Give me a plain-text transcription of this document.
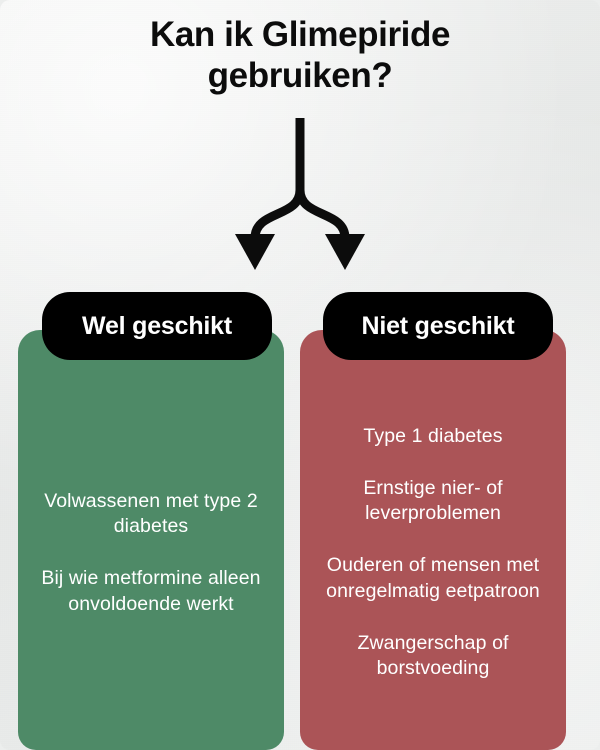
Kan ik Glimepiride
gebruiken?
Volwassenen met type 2 diabetes
Bij wie metformine alleen onvoldoende werkt
Type 1 diabetes
Ernstige nier- of leverproblemen
Ouderen of mensen met onregelmatig eetpatroon
Zwangerschap of borstvoeding
Wel geschikt	Niet geschikt
